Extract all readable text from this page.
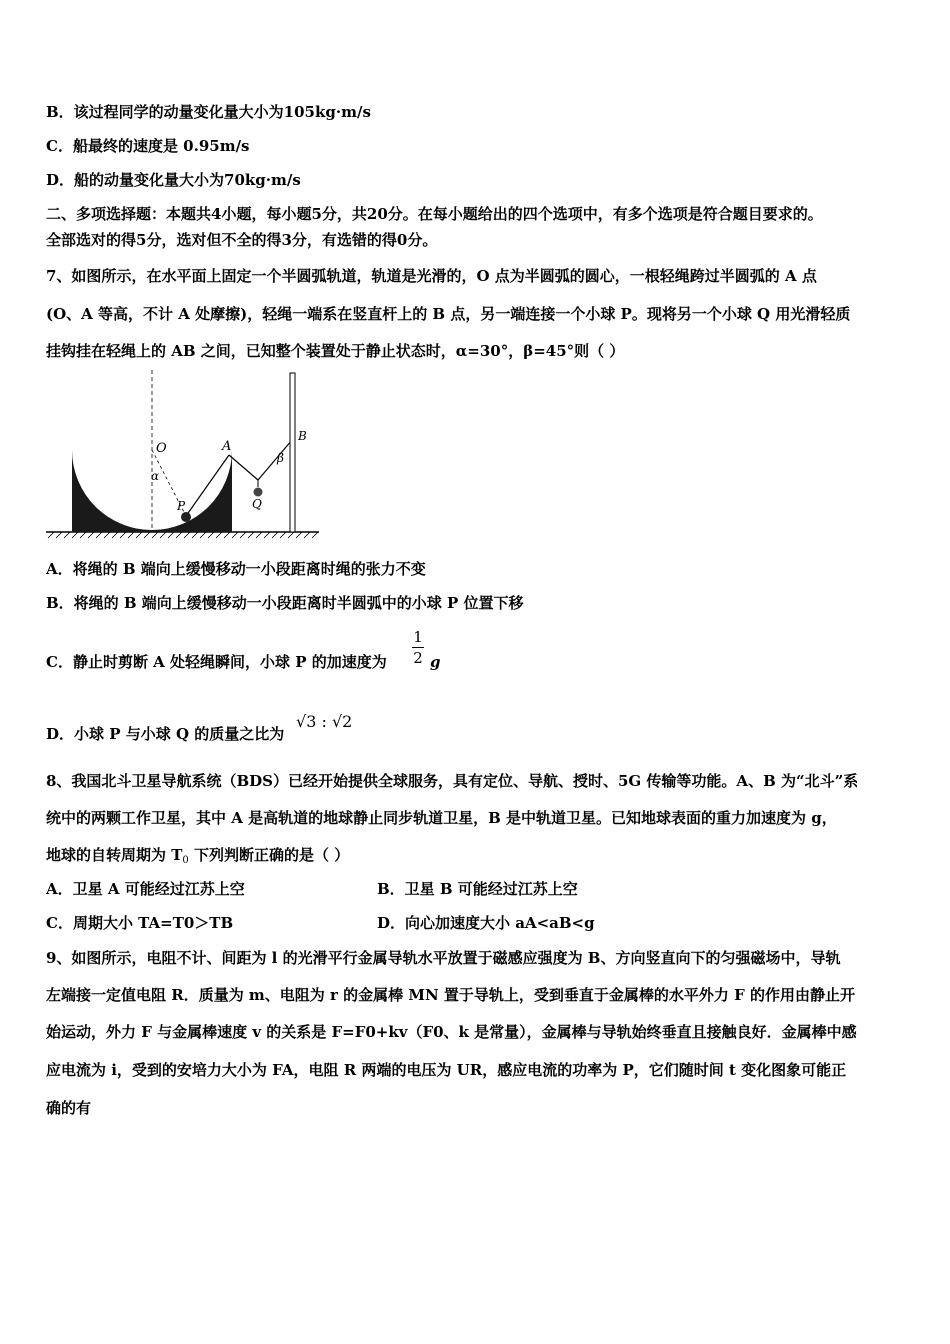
B．该过程同学的动量变化量大小为105kg·m/s
C．船最终的速度是 0.95m/s
D．船的动量变化量大小为70kg·m/s
二、多项选择题：本题共4小题，每小题5分，共20分。在每小题给出的四个选项中，有多个选项是符合题目要求的。
全部选对的得5分，选对但不全的得3分，有选错的得0分。
7、如图所示，在水平面上固定一个半圆弧轨道，轨道是光滑的，O 点为半圆弧的圆心，一根轻绳跨过半圆弧的 A 点
(O、A 等高，不计 A 处摩擦)，轻绳一端系在竖直杆上的 B 点，另一端连接一个小球 P。现将另一个小球 Q 用光滑轻质
挂钩挂在轻绳上的 AB 之间，已知整个装置处于静止状态时，α=30°，β=45°则（ ）
O	A
B
P	Q
α
β
A．将绳的 B 端向上缓慢移动一小段距离时绳的张力不变
B．将绳的 B 端向上缓慢移动一小段距离时半圆弧中的小球 P 位置下移
C．静止时剪断 A 处轻绳瞬间，小球 P 的加速度为
1
2 g
D．小球 P 与小球 Q 的质量之比为
√3 : √2
8、我国北斗卫星导航系统（BDS）已经开始提供全球服务，具有定位、导航、授时、5G 传输等功能。A、B 为“北斗”系
统中的两颗工作卫星，其中 A 是高轨道的地球静止同步轨道卫星，B 是中轨道卫星。已知地球表面的重力加速度为 g，
地球的自转周期为 $T_0$ 下列判断正确的是（ ）
A．卫星 A 可能经过江苏上空	B．卫星 B 可能经过江苏上空
C．周期大小 TA=T0＞TB	D．向心加速度大小 aA<aB<g
9、如图所示，电阻不计、间距为 l 的光滑平行金属导轨水平放置于磁感应强度为 B、方向竖直向下的匀强磁场中，导轨
左端接一定值电阻 R．质量为 m、电阻为 r 的金属棒 MN 置于导轨上，受到垂直于金属棒的水平外力 F 的作用由静止开
始运动，外力 F 与金属棒速度 v 的关系是 F=F0+kv（F0、k 是常量），金属棒与导轨始终垂直且接触良好．金属棒中感
应电流为 i，受到的安培力大小为 FA，电阻 R 两端的电压为 UR，感应电流的功率为 P，它们随时间 t 变化图象可能正
确的有
